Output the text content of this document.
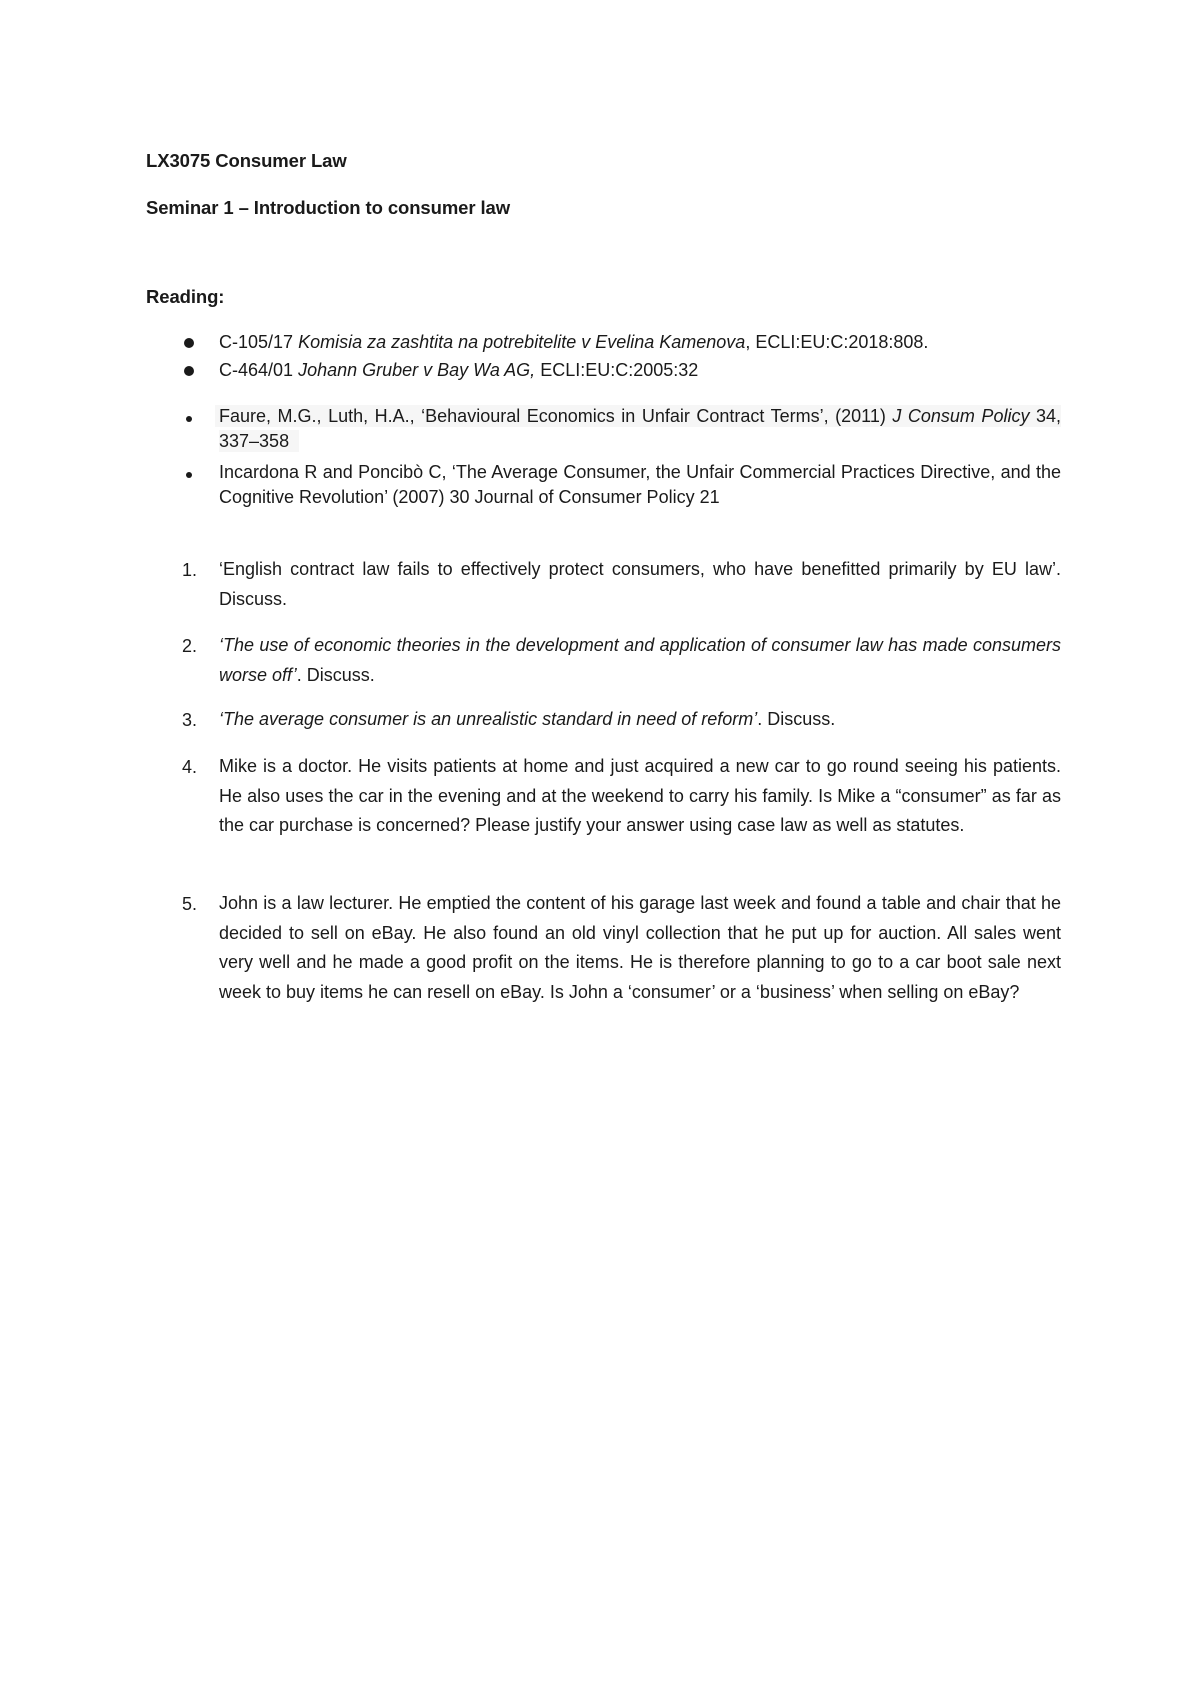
LX3075 Consumer Law
Seminar 1 – Introduction to consumer law
Reading:
C-105/17 Komisia za zashtita na potrebitelite v Evelina Kamenova, ECLI:EU:C:2018:808.
C-464/01 Johann Gruber v Bay Wa AG, ECLI:EU:C:2005:32
Faure, M.G., Luth, H.A., ‘Behavioural Economics in Unfair Contract Terms’, (2011) J Consum Policy 34, 337–358
Incardona R and Poncibò C, ‘The Average Consumer, the Unfair Commercial Practices Directive, and the Cognitive Revolution’ (2007) 30 Journal of Consumer Policy 21
1. ‘English contract law fails to effectively protect consumers, who have benefitted primarily by EU law’. Discuss.
2. ‘The use of economic theories in the development and application of consumer law has made consumers worse off’. Discuss.
3. ‘The average consumer is an unrealistic standard in need of reform’. Discuss.
4. Mike is a doctor. He visits patients at home and just acquired a new car to go round seeing his patients. He also uses the car in the evening and at the weekend to carry his family. Is Mike a “consumer” as far as the car purchase is concerned? Please justify your answer using case law as well as statutes.
5. John is a law lecturer. He emptied the content of his garage last week and found a table and chair that he decided to sell on eBay. He also found an old vinyl collection that he put up for auction. All sales went very well and he made a good profit on the items. He is therefore planning to go to a car boot sale next week to buy items he can resell on eBay. Is John a ‘consumer’ or a ‘business’ when selling on eBay?
